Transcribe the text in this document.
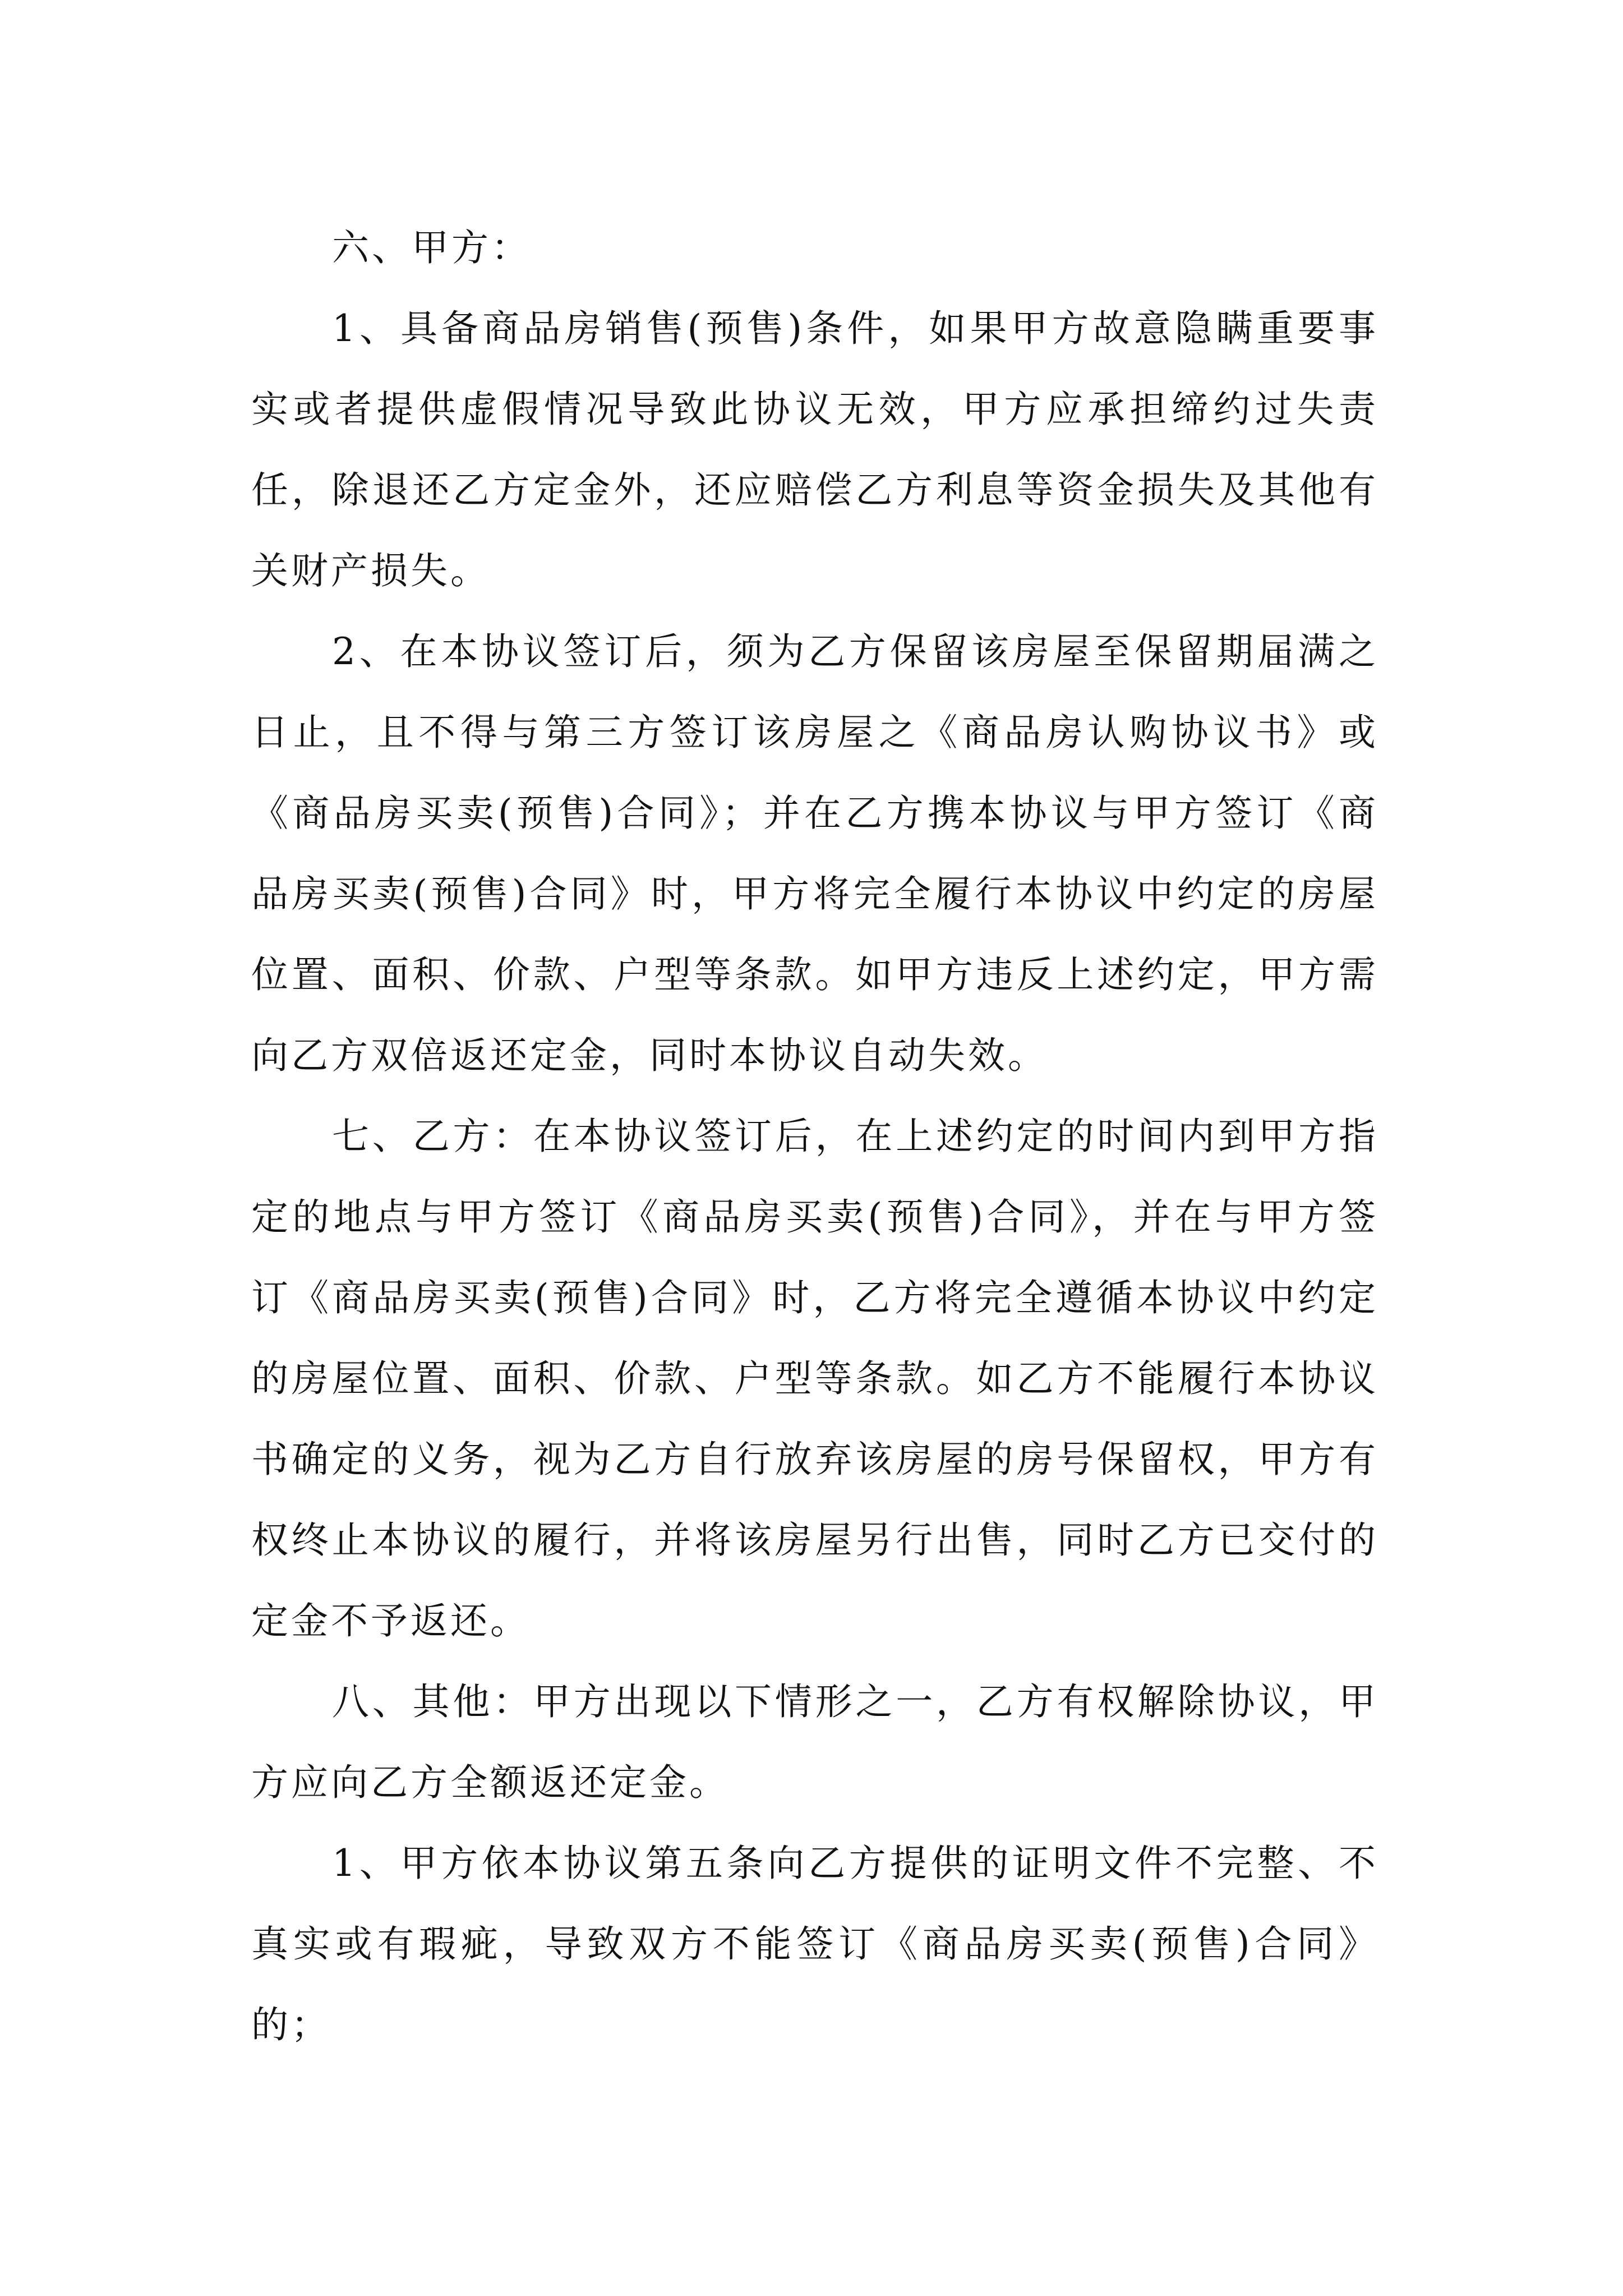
六、甲方：

1、具备商品房销售(预售)条件，如果甲方故意隐瞒重要事实或者提供虚假情况导致此协议无效，甲方应承担缔约过失责任，除退还乙方定金外，还应赔偿乙方利息等资金损失及其他有关财产损失。

2、在本协议签订后，须为乙方保留该房屋至保留期届满之日止，且不得与第三方签订该房屋之《商品房认购协议书》或《商品房买卖(预售)合同》；并在乙方携本协议与甲方签订《商品房买卖(预售)合同》时，甲方将完全履行本协议中约定的房屋位置、面积、价款、户型等条款。如甲方违反上述约定，甲方需向乙方双倍返还定金，同时本协议自动失效。

七、乙方：在本协议签订后，在上述约定的时间内到甲方指定的地点与甲方签订《商品房买卖(预售)合同》，并在与甲方签订《商品房买卖(预售)合同》时，乙方将完全遵循本协议中约定的房屋位置、面积、价款、户型等条款。如乙方不能履行本协议书确定的义务，视为乙方自行放弃该房屋的房号保留权，甲方有权终止本协议的履行，并将该房屋另行出售，同时乙方已交付的定金不予返还。

八、其他：甲方出现以下情形之一，乙方有权解除协议，甲方应向乙方全额返还定金。

1、甲方依本协议第五条向乙方提供的证明文件不完整、不真实或有瑕疵，导致双方不能签订《商品房买卖(预售)合同》的；
